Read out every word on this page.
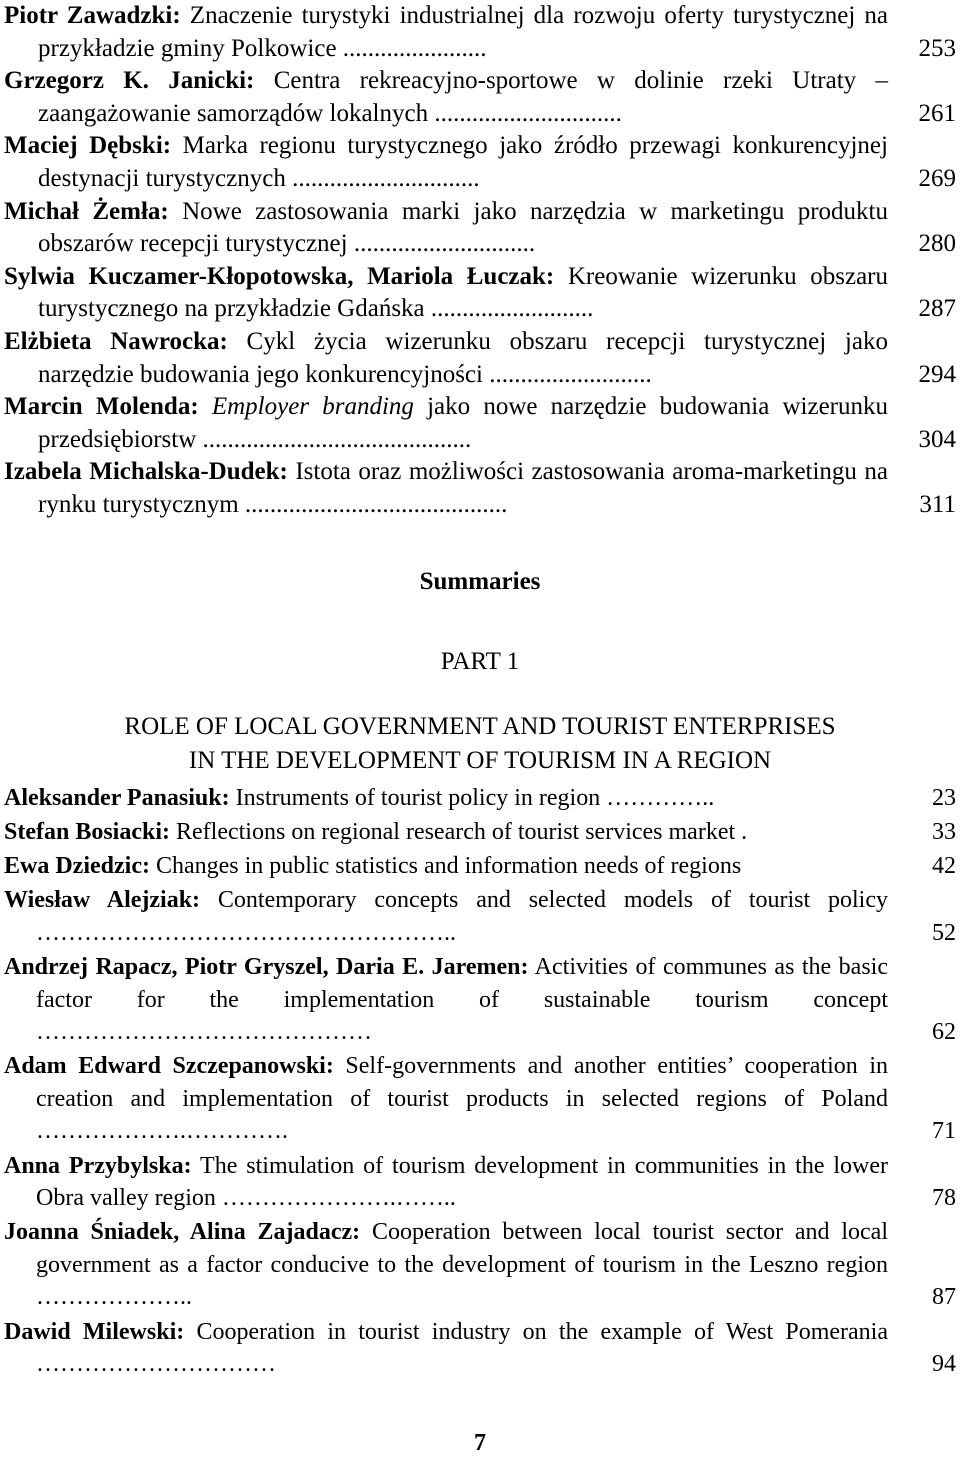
Piotr Zawadzki: Znaczenie turystyki industrialnej dla rozwoju oferty turystycznej na przykładzie gminy Polkowice .......................	253
Grzegorz K. Janicki: Centra rekreacyjno-sportowe w dolinie rzeki Utraty – zaangażowanie samorządów lokalnych ..............................	261
Maciej Dębski: Marka regionu turystycznego jako źródło przewagi konkurencyjnej destynacji turystycznych ..............................	269
Michał Żemła: Nowe zastosowania marki jako narzędzia w marketingu produktu obszarów recepcji turystycznej .............................	280
Sylwia Kuczamer-Kłopotowska, Mariola Łuczak: Kreowanie wizerunku obszaru turystycznego na przykładzie Gdańska ..........................	287
Elżbieta Nawrocka: Cykl życia wizerunku obszaru recepcji turystycznej jako narzędzie budowania jego konkurencyjności ..........................	294
Marcin Molenda: Employer branding jako nowe narzędzie budowania wizerunku przedsiębiorstw ...........................................	304
Izabela Michalska-Dudek: Istota oraz możliwości zastosowania aroma-marketingu na rynku turystycznym ..........................................	311
Summaries
PART 1
ROLE OF LOCAL GOVERNMENT AND TOURIST ENTERPRISES
IN THE DEVELOPMENT OF TOURISM IN A REGION
Aleksander Panasiuk: Instruments of tourist policy in region …………..	23
Stefan Bosiacki: Reflections on regional research of tourist services market .	33
Ewa Dziedzic: Changes in public statistics and information needs of regions	42
Wiesław Alejziak: Contemporary concepts and selected models of tourist policy ……………………………………………..	52
Andrzej Rapacz, Piotr Gryszel, Daria E. Jaremen: Activities of communes as the basic factor for the implementation of sustainable tourism concept ……………………………………	62
Adam Edward Szczepanowski: Self-governments and another entities’ cooperation in creation and implementation of tourist products in selected regions of Poland ……………….………….	71
Anna Przybylska: The stimulation of tourism development in communities in the lower Obra valley region ………………….……..	78
Joanna Śniadek, Alina Zajadacz: Cooperation between local tourist sector and local government as a factor conducive to the development of tourism in the Leszno region ………………..	87
Dawid Milewski: Cooperation in tourist industry on the example of West Pomerania …………………………	94
7
